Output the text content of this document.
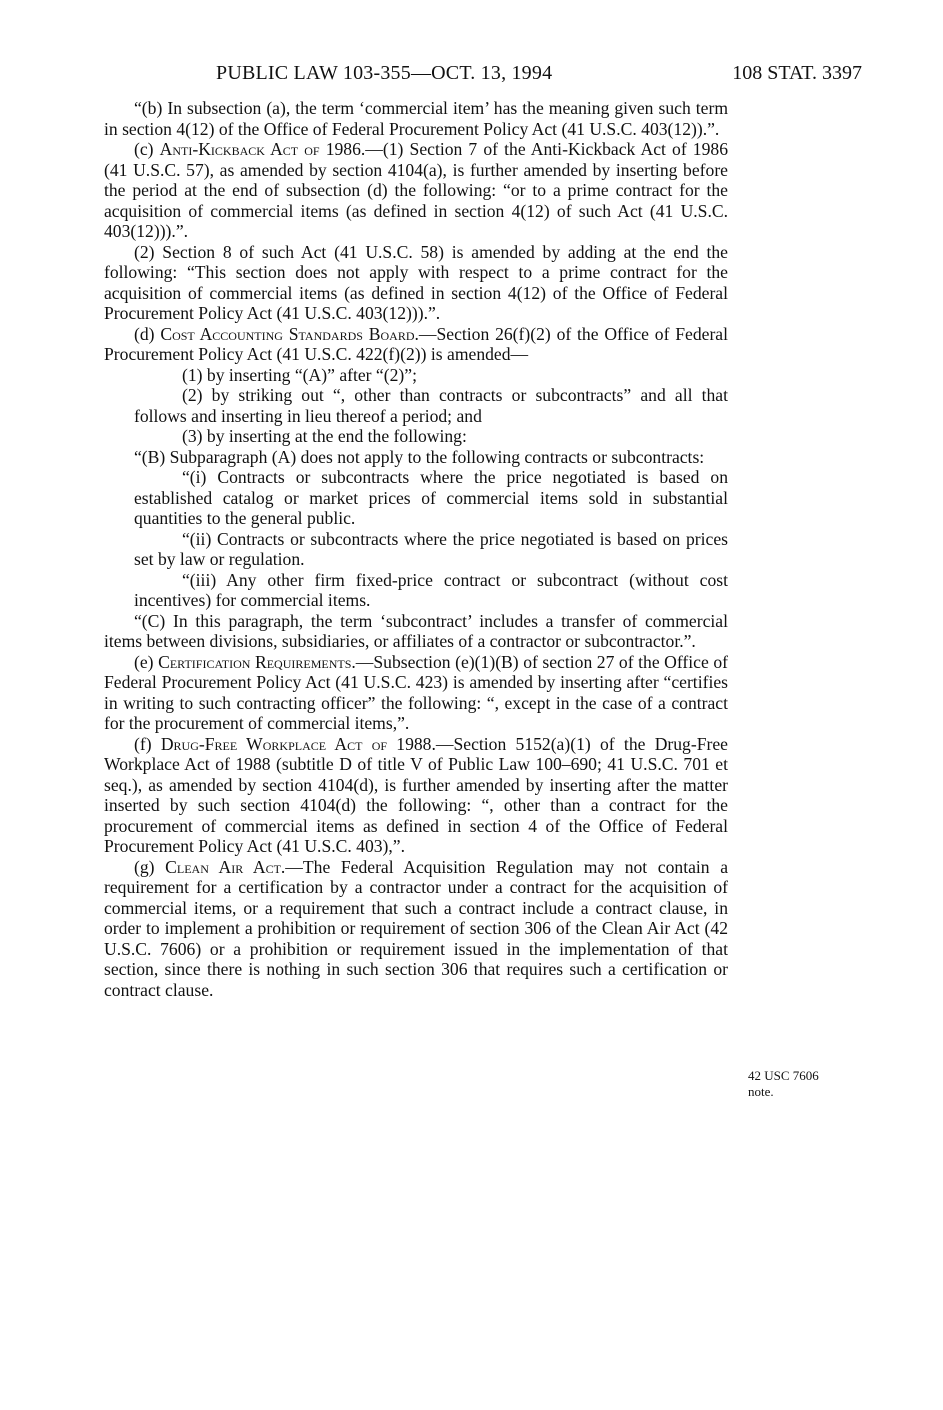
PUBLIC LAW 103-355—OCT. 13, 1994	108 STAT. 3397

“(b) In subsection (a), the term ‘commercial item’ has the meaning given such term in section 4(12) of the Office of Federal Procurement Policy Act (41 U.S.C. 403(12)).”.

(c) Anti-Kickback Act of 1986.—(1) Section 7 of the Anti-Kickback Act of 1986 (41 U.S.C. 57), as amended by section 4104(a), is further amended by inserting before the period at the end of subsection (d) the following: “or to a prime contract for the acquisition of commercial items (as defined in section 4(12) of such Act (41 U.S.C. 403(12))).”.

(2) Section 8 of such Act (41 U.S.C. 58) is amended by adding at the end the following: “This section does not apply with respect to a prime contract for the acquisition of commercial items (as defined in section 4(12) of the Office of Federal Procurement Policy Act (41 U.S.C. 403(12))).”.

(d) Cost Accounting Standards Board.—Section 26(f)(2) of the Office of Federal Procurement Policy Act (41 U.S.C. 422(f)(2)) is amended—

(1) by inserting “(A)” after “(2)”;

(2) by striking out “, other than contracts or subcontracts” and all that follows and inserting in lieu thereof a period; and

(3) by inserting at the end the following:

“(B) Subparagraph (A) does not apply to the following contracts or subcontracts:

“(i) Contracts or subcontracts where the price negotiated is based on established catalog or market prices of commercial items sold in substantial quantities to the general public.

“(ii) Contracts or subcontracts where the price negotiated is based on prices set by law or regulation.

“(iii) Any other firm fixed-price contract or subcontract (without cost incentives) for commercial items.

“(C) In this paragraph, the term ‘subcontract’ includes a transfer of commercial items between divisions, subsidiaries, or affiliates of a contractor or subcontractor.”.

(e) Certification Requirements.—Subsection (e)(1)(B) of section 27 of the Office of Federal Procurement Policy Act (41 U.S.C. 423) is amended by inserting after “certifies in writing to such contracting officer” the following: “, except in the case of a contract for the procurement of commercial items,”.

(f) Drug-Free Workplace Act of 1988.—Section 5152(a)(1) of the Drug-Free Workplace Act of 1988 (subtitle D of title V of Public Law 100–690; 41 U.S.C. 701 et seq.), as amended by section 4104(d), is further amended by inserting after the matter inserted by such section 4104(d) the following: “, other than a contract for the procurement of commercial items as defined in section 4 of the Office of Federal Procurement Policy Act (41 U.S.C. 403),”.

(g) Clean Air Act.—The Federal Acquisition Regulation may not contain a requirement for a certification by a contractor under a contract for the acquisition of commercial items, or a requirement that such a contract include a contract clause, in order to implement a prohibition or requirement of section 306 of the Clean Air Act (42 U.S.C. 7606) or a prohibition or requirement issued in the implementation of that section, since there is nothing in such section 306 that requires such a certification or contract clause.

42 USC 7606
note.
